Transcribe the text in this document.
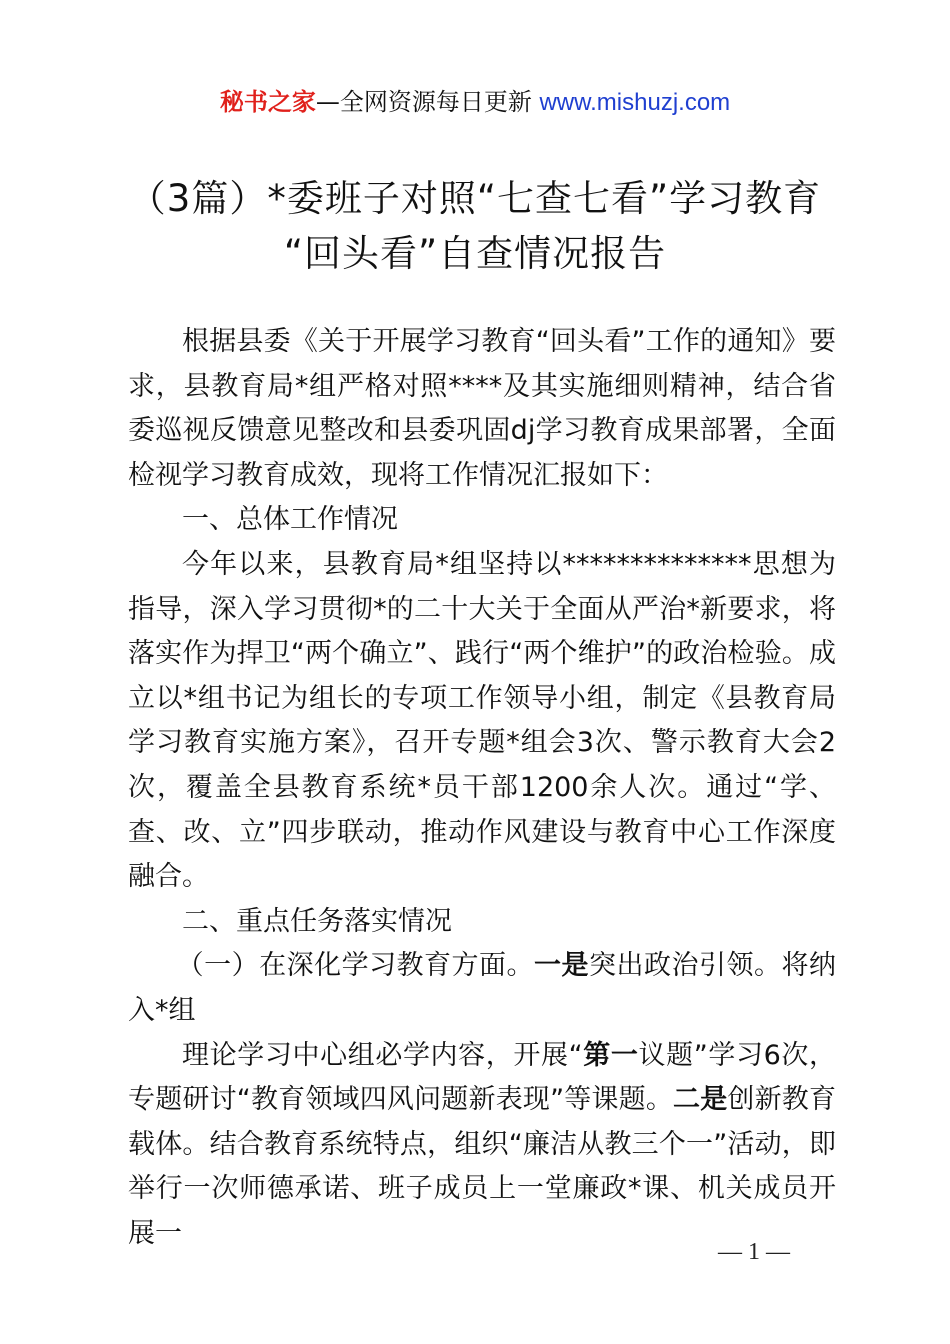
秘书之家—全网资源每日更新 www.mishuzj.com
（3篇）*委班子对照“七查七看”学习教育
“回头看”自查情况报告

根据县委《关于开展学习教育“回头看”工作的通知》要求，县教育局*组严格对照****及其实施细则精神，结合省委巡视反馈意见整改和县委巩固dj学习教育成果部署，全面检视学习教育成效，现将工作情况汇报如下：

一、总体工作情况

今年以来，县教育局*组坚持以**************思想为指导，深入学习贯彻*的二十大关于全面从严治*新要求，将落实作为捍卫“两个确立”、践行“两个维护”的政治检验。成立以*组书记为组长的专项工作领导小组，制定《县教育局学习教育实施方案》，召开专题*组会3次、警示教育大会2次，覆盖全县教育系统*员干部1200余人次。通过“学、查、改、立”四步联动，推动作风建设与教育中心工作深度融合。

二、重点任务落实情况

（一）在深化学习教育方面。一是突出政治引领。将纳入*组

理论学习中心组必学内容，开展“第一议题”学习6次，专题研讨“教育领域四风问题新表现”等课题。二是创新教育载体。结合教育系统特点，组织“廉洁从教三个一”活动，即举行一次师德承诺、班子成员上一堂廉政*课、机关成员开展一

— 1 —
